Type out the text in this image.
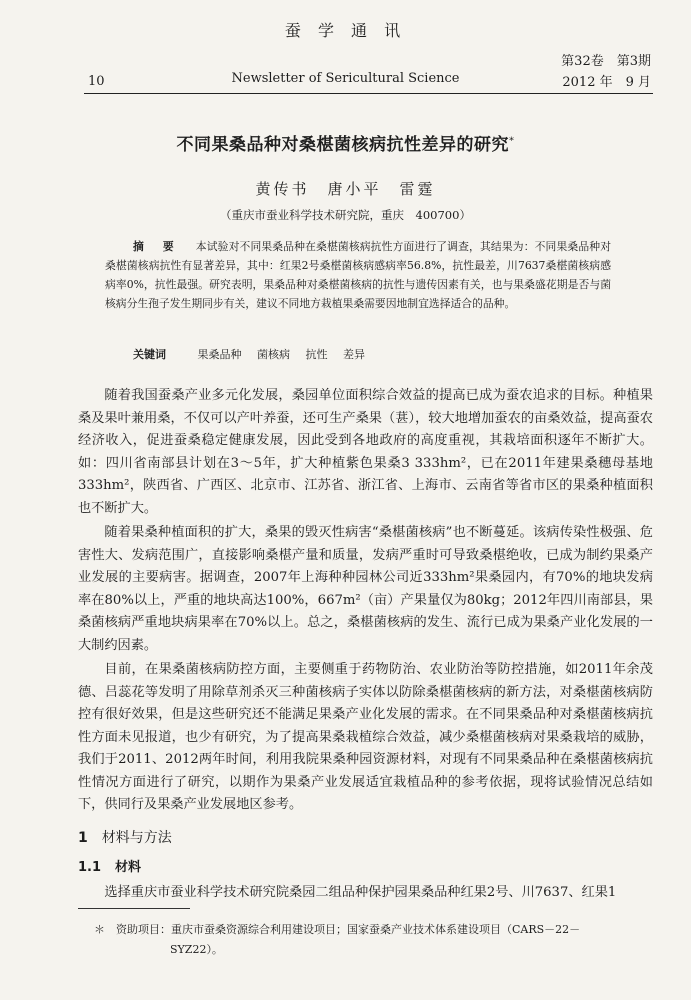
蚕 学 通 讯
第32卷　第3期
10	Newsletter of Sericultural Science	2012 年　9 月
不同果桑品种对桑椹菌核病抗性差异的研究*
黄传书　唐小平　雷霆
（重庆市蚕业科学技术研究院，重庆　400700）
摘　要 本试验对不同果桑品种在桑椹菌核病抗性方面进行了调查，其结果为：不同果桑品种对桑椹菌核病抗性有显著差异，其中：红果2号桑椹菌核病感病率56.8%，抗性最差，川7637桑椹菌核病感病率0%，抗性最强。研究表明，果桑品种对桑椹菌核病的抗性与遗传因素有关，也与果桑盛花期是否与菌核病分生孢子发生期同步有关，建议不同地方栽植果桑需要因地制宜选择适合的品种。
关键词	果桑品种 菌核病 抗性 差异

随着我国蚕桑产业多元化发展，桑园单位面积综合效益的提高已成为蚕农追求的目标。种植果桑及果叶兼用桑，不仅可以产叶养蚕，还可生产桑果（葚），较大地增加蚕农的亩桑效益，提高蚕农经济收入，促进蚕桑稳定健康发展，因此受到各地政府的高度重视，其栽培面积逐年不断扩大。如：四川省南部县计划在3～5年，扩大种植紫色果桑3 333hm²，已在2011年建果桑穗母基地333hm²，陕西省、广西区、北京市、江苏省、浙江省、上海市、云南省等省市区的果桑种植面积也不断扩大。

随着果桑种植面积的扩大，桑果的毁灭性病害“桑椹菌核病”也不断蔓延。该病传染性极强、危害性大、发病范围广，直接影响桑椹产量和质量，发病严重时可导致桑椹绝收，已成为制约果桑产业发展的主要病害。据调查，2007年上海种种园林公司近333hm²果桑园内，有70%的地块发病率在80%以上，严重的地块高达100%，667m²（亩）产果量仅为80kg；2012年四川南部县，果桑菌核病严重地块病果率在70%以上。总之，桑椹菌核病的发生、流行已成为果桑产业化发展的一大制约因素。

目前，在果桑菌核病防控方面，主要侧重于药物防治、农业防治等防控措施，如2011年余茂德、吕蕊花等发明了用除草剂杀灭三种菌核病子实体以防除桑椹菌核病的新方法，对桑椹菌核病防控有很好效果，但是这些研究还不能满足果桑产业化发展的需求。在不同果桑品种对桑椹菌核病抗性方面未见报道，也少有研究，为了提高果桑栽植综合效益，减少桑椹菌核病对果桑栽培的威胁，我们于2011、2012两年时间，利用我院果桑种园资源材料，对现有不同果桑品种在桑椹菌核病抗性情况方面进行了研究，以期作为果桑产业发展适宜栽植品种的参考依据，现将试验情况总结如下，供同行及果桑产业发展地区参考。

1 材料与方法
1.1 材料

选择重庆市蚕业科学技术研究院桑园二组品种保护园果桑品种红果2号、川7637、红果1

＊　资助项目：重庆市蚕桑资源综合利用建设项目；国家蚕桑产业技术体系建设项目（CARS－22－
SYZ22）。
